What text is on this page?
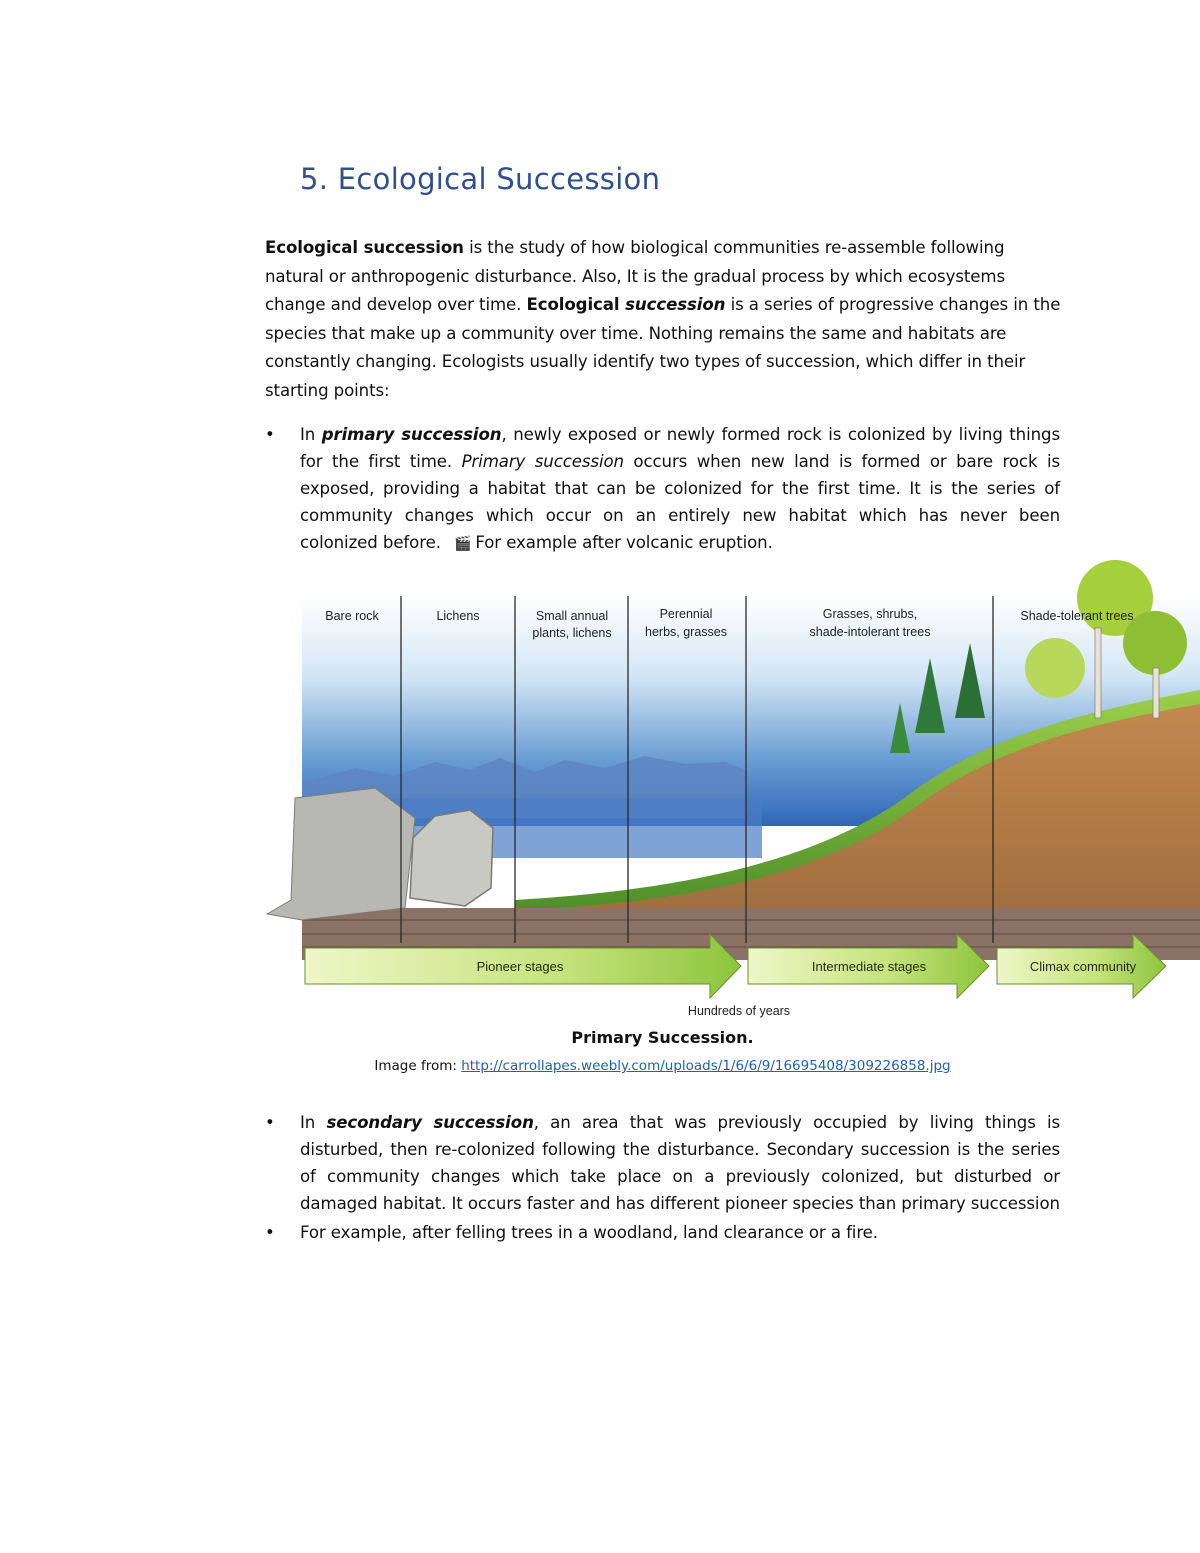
5. Ecological Succession

Ecological succession is the study of how biological communities re-assemble following natural or anthropogenic disturbance. Also, It is the gradual process by which ecosystems change and develop over time. Ecological succession is a series of progressive changes in the species that make up a community over time. Nothing remains the same and habitats are constantly changing. Ecologists usually identify two types of succession, which differ in their starting points:

• In primary succession, newly exposed or newly formed rock is colonized by living things for the first time. Primary succession occurs when new land is formed or bare rock is exposed, providing a habitat that can be colonized for the first time. It is the series of community changes which occur on an entirely new habitat which has never been colonized before. 🎬 For example after volcanic eruption.
Bare rock	Lichens	Small annual
plants, lichens
Perennial
herbs, grasses
Grasses, shrubs,
shade-intolerant trees
Shade-tolerant trees
Pioneer stages	Intermediate stages	Climax community
Hundreds of years
Primary Succession.
Image from: http://carrollapes.weebly.com/uploads/1/6/6/9/16695408/309226858.jpg
• In secondary succession, an area that was previously occupied by living things is disturbed, then re-colonized following the disturbance. Secondary succession is the series of community changes which take place on a previously colonized, but disturbed or damaged habitat. It occurs faster and has different pioneer species than primary succession
• For example, after felling trees in a woodland, land clearance or a fire.
